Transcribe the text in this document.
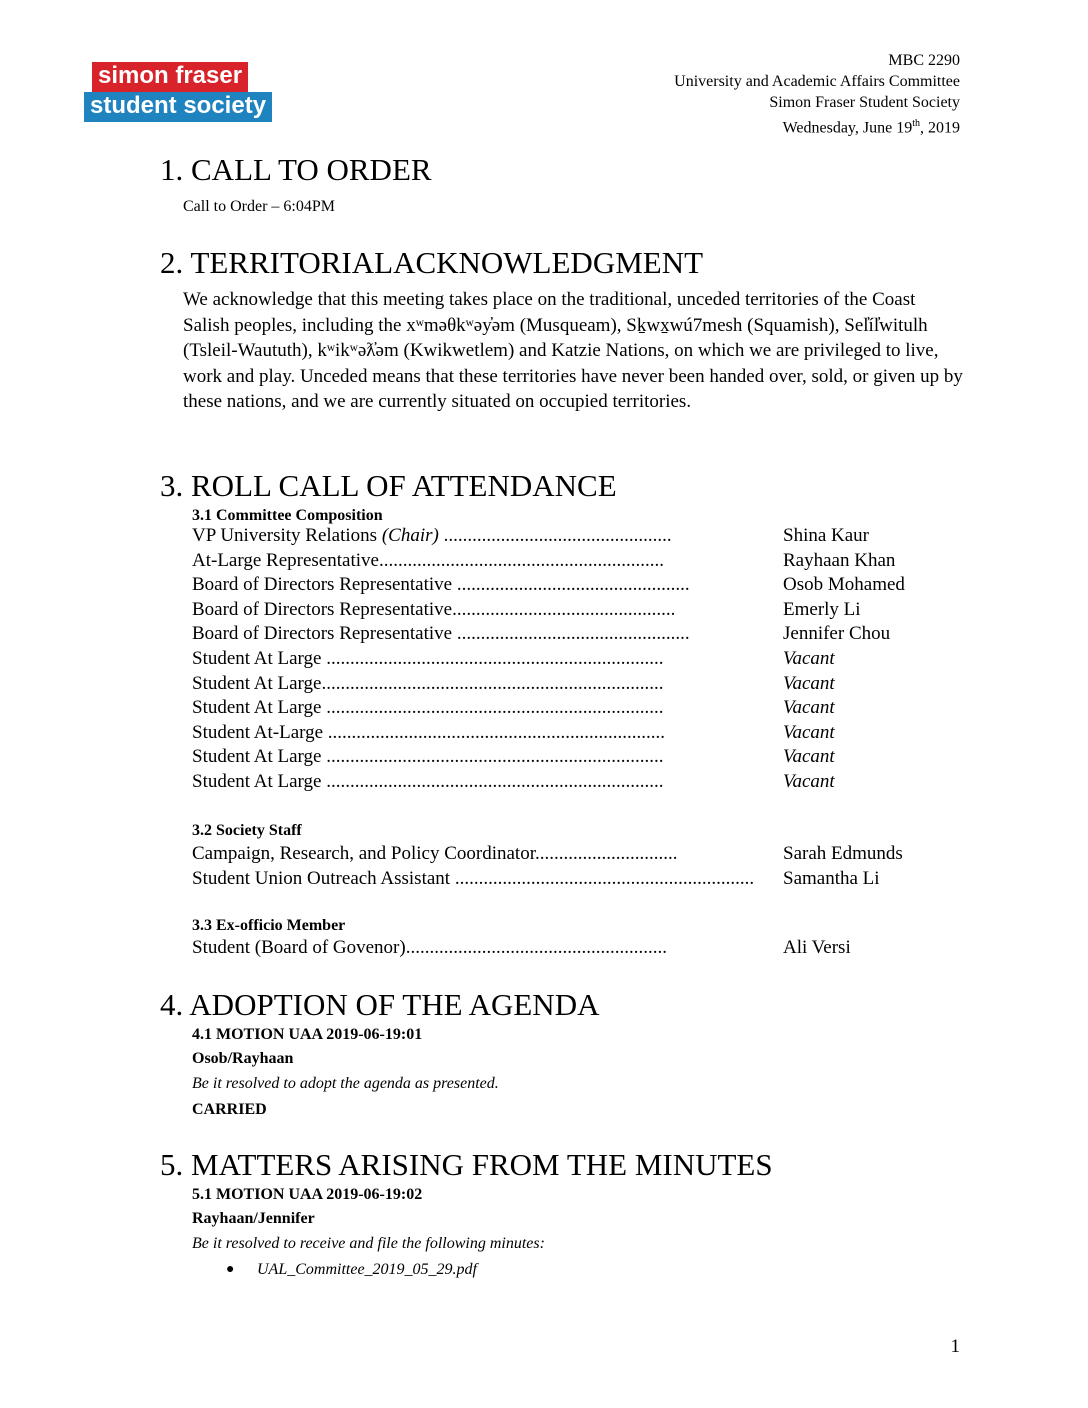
simon fraser
student society
MBC 2290
University and Academic Affairs Committee
Simon Fraser Student Society
Wednesday, June 19th, 2019
1. CALL TO ORDER
Call to Order – 6:04PM
2. TERRITORIALACKNOWLEDGMENT
We acknowledge that this meeting takes place on the traditional, unceded territories of the Coast Salish peoples, including the xʷməθkʷəy̓əm (Musqueam), Sḵwx̱wú7mesh (Squamish), Sel̓íl̓witulh (Tsleil-Waututh), kʷikʷəƛ̓əm (Kwikwetlem) and Katzie Nations, on which we are privileged to live, work and play. Unceded means that these territories have never been handed over, sold, or given up by these nations, and we are currently situated on occupied territories.
3. ROLL CALL OF ATTENDANCE
3.1 Committee Composition
VP University Relations (Chair) ................................................	Shina Kaur
At-Large Representative............................................................	Rayhaan Khan
Board of Directors Representative .................................................	Osob Mohamed
Board of Directors Representative...............................................	Emerly Li
Board of Directors Representative .................................................	Jennifer Chou
Student At Large .......................................................................	Vacant
Student At Large........................................................................	Vacant
Student At Large .......................................................................	Vacant
Student At-Large .......................................................................	Vacant
Student At Large .......................................................................	Vacant
Student At Large .......................................................................	Vacant
3.2 Society Staff
Campaign, Research, and Policy Coordinator..............................	Sarah Edmunds
Student Union Outreach Assistant ............................................................... Samantha Li
3.3 Ex-officio Member
Student (Board of Govenor).......................................................	Ali Versi
4. ADOPTION OF THE AGENDA
4.1 MOTION UAA 2019-06-19:01
Osob/Rayhaan
Be it resolved to adopt the agenda as presented.
CARRIED
5. MATTERS ARISING FROM THE MINUTES
5.1 MOTION UAA 2019-06-19:02
Rayhaan/Jennifer
Be it resolved to receive and file the following minutes:
● UAL_Committee_2019_05_29.pdf
1
